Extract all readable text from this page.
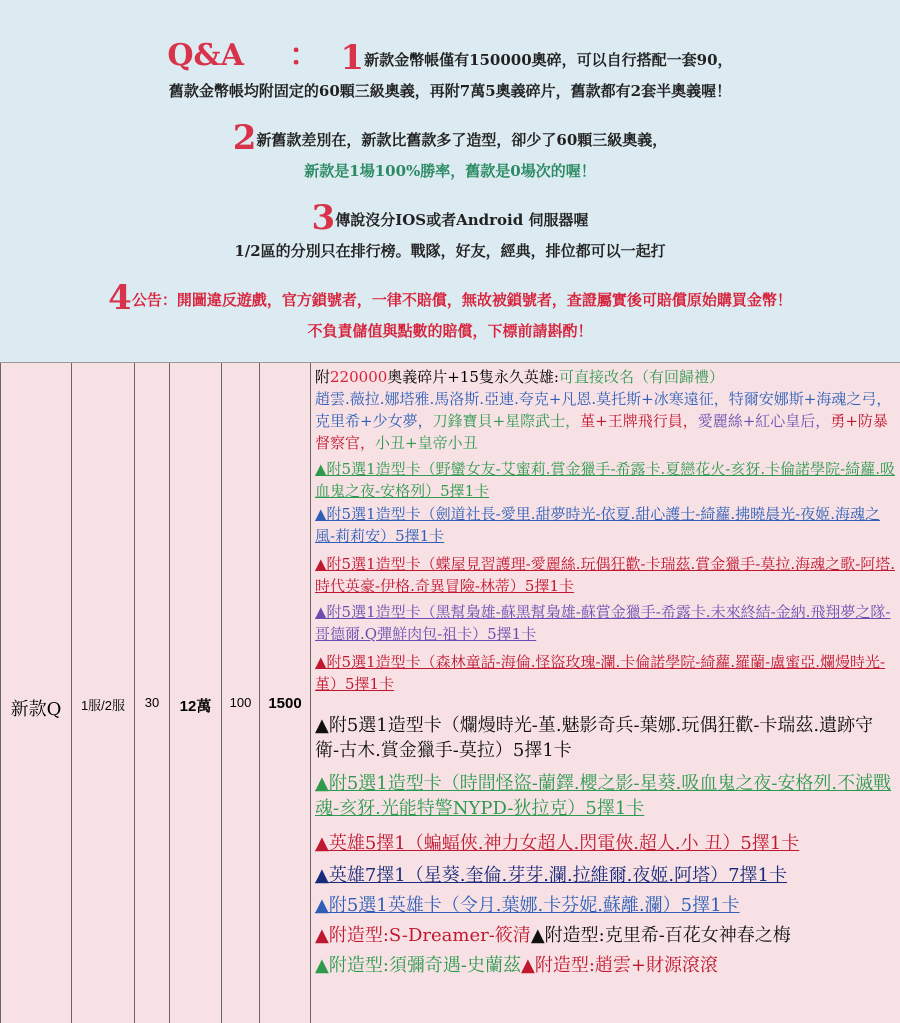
Q&A ： 1新款金幣帳僅有150000奧碎，可以自行搭配一套90，
舊款金幣帳均附固定的60顆三級奧義，再附7萬5奧義碎片，舊款都有2套半奧義喔！
2新舊款差別在，新款比舊款多了造型，卻少了60顆三級奧義，
新款是1場100%勝率，舊款是0場次的喔！
3傳說沒分IOS或者Android 伺服器喔
1/2區的分別只在排行榜。戰隊，好友，經典，排位都可以一起打
4公告：開圖違反遊戲，官方鎖號者，一律不賠償，無故被鎖號者，查證屬實後可賠償原始購買金幣！
不負責儲值與點數的賠償，下標前請斟酌！
新款Q	1服/2服	30	12萬	100	1500
附220000奧義碎片+15隻永久英雄:可直接改名（有回歸禮）
趙雲.薇拉.娜塔雅.馬洛斯.亞連.夸克+凡恩.莫托斯+冰寒遠征，特爾安娜斯+海魂之弓，克里希+少女夢，刀鋒寶貝+星際武士，堇+王牌飛行員，愛麗絲+紅心皇后，勇+防暴督察官，小丑+皇帝小丑
▲附5選1造型卡（野蠻女友-艾蜜莉.賞金獵手-希露卡.夏戀花火-亥犽.卡倫諾學院-綺蘿.吸血鬼之夜-安格列）5擇1卡
▲附5選1造型卡（劍道社長-愛里.甜夢時光-依夏.甜心護士-綺蘿.拂曉晨光-夜姬.海魂之風-莉莉安）5擇1卡
▲附5選1造型卡（蝶屋見習護理-愛麗絲.玩偶狂歡-卡瑞茲.賞金獵手-莫拉.海魂之歌-阿塔.時代英豪-伊格.奇異冒險-林蒂）5擇1卡
▲附5選1造型卡（黑幫梟雄-蘇黑幫梟雄-蘇賞金獵手-希露卡.未來終結-金納.飛翔夢之隊-哥德爾.Q彈鮮肉包-祖卡）5擇1卡
▲附5選1造型卡（森林童話-海倫.怪盜玫瑰-瀾.卡倫諾學院-綺蘿.羅蘭-盧蜜亞.爛熳時光-堇）5擇1卡
▲附5選1造型卡（爛熳時光-堇.魅影奇兵-葉娜.玩偶狂歡-卡瑞茲.遺跡守衛-古木.賞金獵手-莫拉）5擇1卡
▲附5選1造型卡（時間怪盜-蘭鐸.櫻之影-星葵.吸血鬼之夜-安格列.不滅戰魂-亥犽.光能特警NYPD-狄拉克）5擇1卡
▲英雄5擇1（蝙蝠俠.神力女超人.閃電俠.超人.小 丑）5擇1卡
▲英雄7擇1（星葵.奎倫.芽芽.瀾.拉維爾.夜姬.阿塔）7擇1卡
▲附5選1英雄卡（令月.葉娜.卡芬妮.蘇離.瀾）5擇1卡
▲附造型:S-Dreamer-筱清▲附造型:克里希-百花女神春之梅
▲附造型:須彌奇遇-史蘭茲▲附造型:趙雲+財源滾滾
